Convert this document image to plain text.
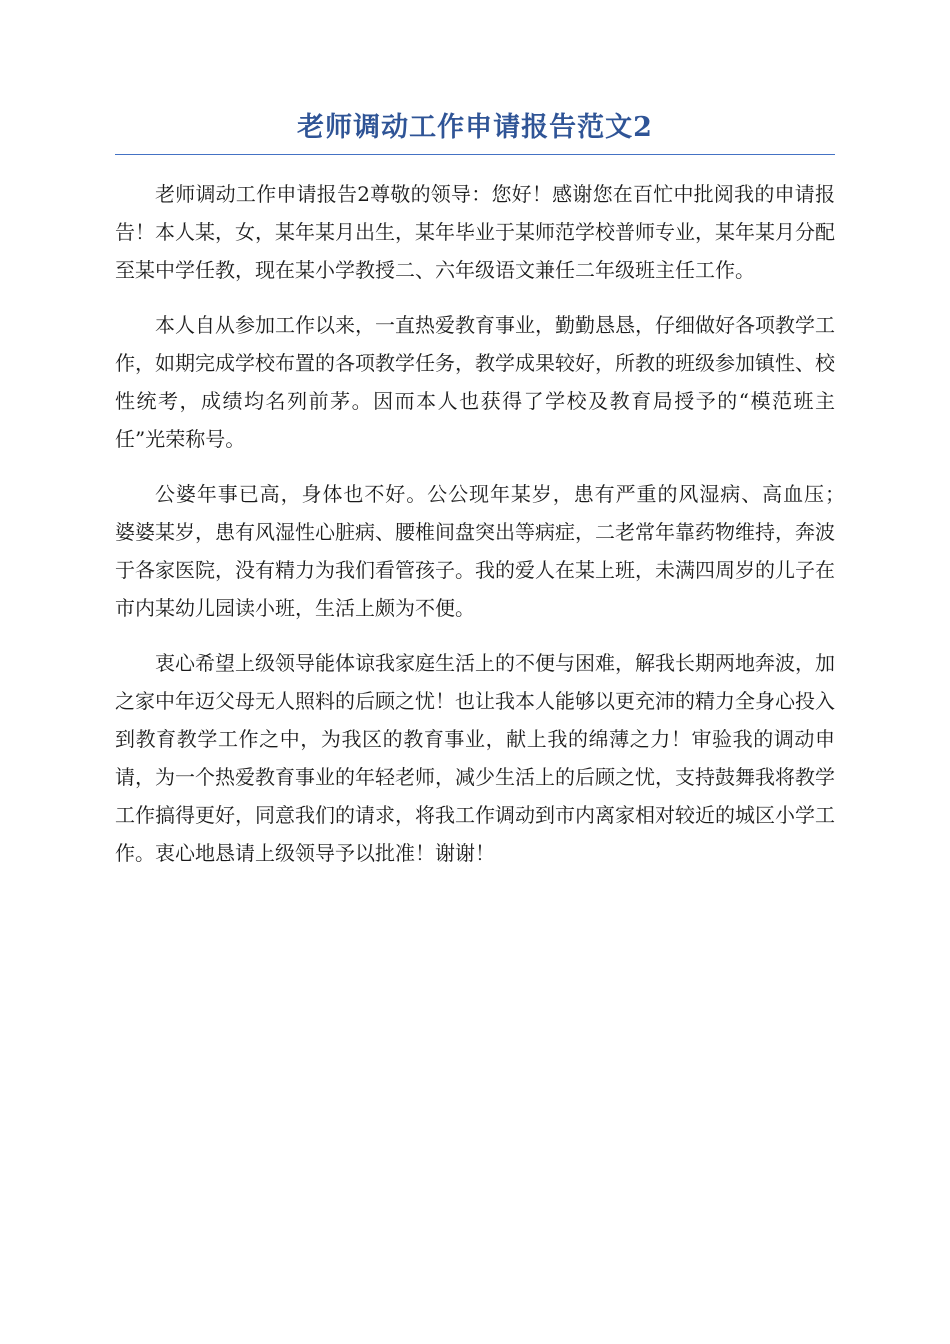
老师调动工作申请报告范文2

老师调动工作申请报告2尊敬的领导：您好！感谢您在百忙中批阅我的申请报告！本人某，女，某年某月出生，某年毕业于某师范学校普师专业，某年某月分配至某中学任教，现在某小学教授二、六年级语文兼任二年级班主任工作。

本人自从参加工作以来，一直热爱教育事业，勤勤恳恳，仔细做好各项教学工作，如期完成学校布置的各项教学任务，教学成果较好，所教的班级参加镇性、校性统考，成绩均名列前茅。因而本人也获得了学校及教育局授予的“模范班主任”光荣称号。

公婆年事已高，身体也不好。公公现年某岁，患有严重的风湿病、高血压；　婆婆某岁，患有风湿性心脏病、腰椎间盘突出等病症，二老常年靠药物维持，奔波于各家医院，没有精力为我们看管孩子。我的爱人在某上班，未满四周岁的儿子在市内某幼儿园读小班，生活上颇为不便。

衷心希望上级领导能体谅我家庭生活上的不便与困难，解我长期两地奔波，加之家中年迈父母无人照料的后顾之忧！也让我本人能够以更充沛的精力全身心投入到教育教学工作之中，为我区的教育事业，献上我的绵薄之力！审验我的调动申请，为一个热爱教育事业的年轻老师，减少生活上的后顾之忧，支持鼓舞我将教学工作搞得更好，同意我们的请求，将我工作调动到市内离家相对较近的城区小学工作。衷心地恳请上级领导予以批准！谢谢！
